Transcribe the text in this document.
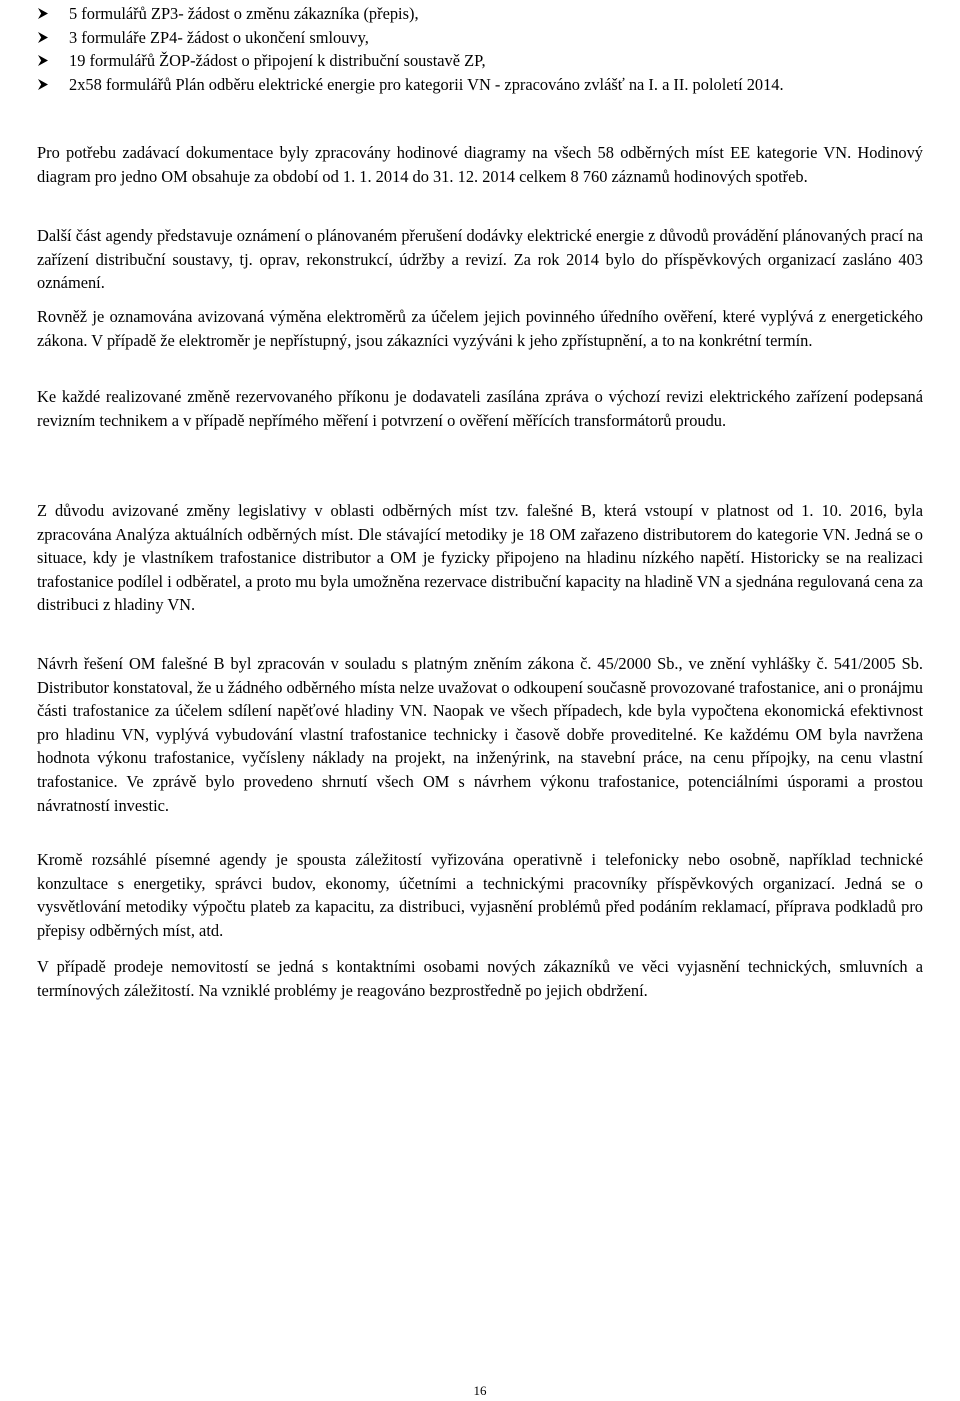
5 formulářů ZP3- žádost o změnu zákazníka (přepis),
3 formuláře ZP4- žádost o ukončení smlouvy,
19 formulářů ŽOP-žádost o připojení k distribuční soustavě ZP,
2x58 formulářů Plán odběru elektrické energie pro kategorii VN - zpracováno zvlášť na I. a II. pololetí 2014.

Pro potřebu zadávací dokumentace byly zpracovány hodinové diagramy na všech 58 odběrných míst EE kategorie VN. Hodinový diagram pro jedno OM obsahuje za období od 1. 1. 2014 do 31. 12. 2014 celkem 8 760 záznamů hodinových spotřeb.

Další část agendy představuje oznámení o plánovaném přerušení dodávky elektrické energie z důvodů provádění plánovaných prací na zařízení distribuční soustavy, tj. oprav, rekonstrukcí, údržby a revizí. Za rok 2014 bylo do příspěvkových organizací zasláno 403 oznámení.

Rovněž je oznamována avizovaná výměna elektroměrů za účelem jejich povinného úředního ověření, které vyplývá z energetického zákona. V případě že elektroměr je nepřístupný, jsou zákazníci vyzýváni k jeho zpřístupnění, a to na konkrétní termín.

Ke každé realizované změně rezervovaného příkonu je dodavateli zasílána zpráva o výchozí revizi elektrického zařízení podepsaná revizním technikem a v případě nepřímého měření i potvrzení o ověření měřících transformátorů proudu.

Z důvodu avizované změny legislativy v oblasti odběrných míst tzv. falešné B, která vstoupí v platnost od 1. 10. 2016, byla zpracována Analýza aktuálních odběrných míst. Dle stávající metodiky je 18 OM zařazeno distributorem do kategorie VN. Jedná se o situace, kdy je vlastníkem trafostanice distributor a OM je fyzicky připojeno na hladinu nízkého napětí. Historicky se na realizaci trafostanice podílel i odběratel, a proto mu byla umožněna rezervace distribuční kapacity na hladině VN a sjednána regulovaná cena za distribuci z hladiny VN.

Návrh řešení OM falešné B byl zpracován v souladu s platným zněním zákona č. 45/2000 Sb., ve znění vyhlášky č. 541/2005 Sb. Distributor konstatoval, že u žádného odběrného místa nelze uvažovat o odkoupení současně provozované trafostanice, ani o pronájmu části trafostanice za účelem sdílení napěťové hladiny VN. Naopak ve všech případech, kde byla vypočtena ekonomická efektivnost pro hladinu VN, vyplývá vybudování vlastní trafostanice technicky i časově dobře proveditelné. Ke každému OM byla navržena hodnota výkonu trafostanice, vyčísleny náklady na projekt, na inženýrink, na stavební práce, na cenu přípojky, na cenu vlastní trafostanice. Ve zprávě bylo provedeno shrnutí všech OM s návrhem výkonu trafostanice, potenciálními úsporami a prostou návratností investic.

Kromě rozsáhlé písemné agendy je spousta záležitostí vyřizována operativně i telefonicky nebo osobně, například technické konzultace s energetiky, správci budov, ekonomy, účetními a technickými pracovníky příspěvkových organizací. Jedná se o vysvětlování metodiky výpočtu plateb za kapacitu, za distribuci, vyjasnění problémů před podáním reklamací, příprava podkladů pro přepisy odběrných míst, atd.

V případě prodeje nemovitostí se jedná s kontaktními osobami nových zákazníků ve věci vyjasnění technických, smluvních a termínových záležitostí. Na vzniklé problémy je reagováno bezprostředně po jejich obdržení.

16
